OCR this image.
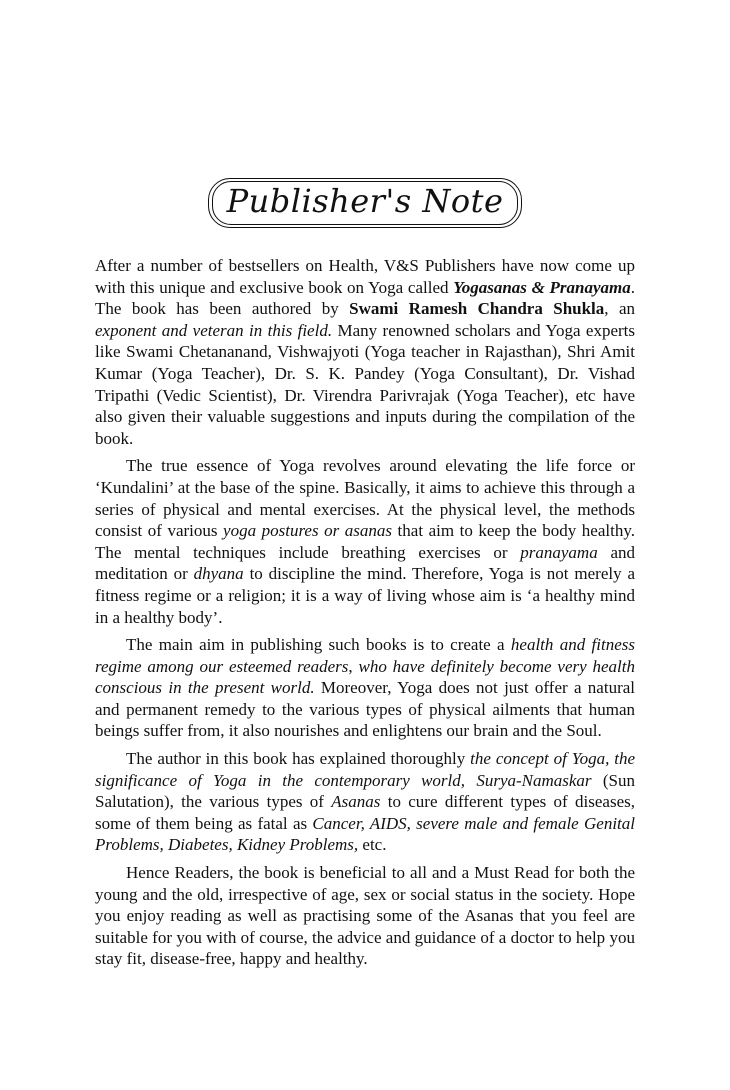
Publisher's Note

After a number of bestsellers on Health, V&S Publishers have now come up with this unique and exclusive book on Yoga called Yogasanas & Pranayama. The book has been authored by Swami Ramesh Chandra Shukla, an exponent and veteran in this field. Many renowned scholars and Yoga experts like Swami Chetananand, Vishwajyoti (Yoga teacher in Rajasthan), Shri Amit Kumar (Yoga Teacher), Dr. S. K. Pandey (Yoga Consultant), Dr. Vishad Tripathi (Vedic Scientist), Dr. Virendra Parivrajak (Yoga Teacher), etc have also given their valuable suggestions and inputs during the compilation of the book.

The true essence of Yoga revolves around elevating the life force or ‘Kundalini’ at the base of the spine. Basically, it aims to achieve this through a series of physical and mental exercises. At the physical level, the methods consist of various yoga postures or asanas that aim to keep the body healthy. The mental techniques include breathing exercises or pranayama and meditation or dhyana to discipline the mind. Therefore, Yoga is not merely a fitness regime or a religion; it is a way of living whose aim is ‘a healthy mind in a healthy body’.

The main aim in publishing such books is to create a health and fitness regime among our esteemed readers, who have definitely become very health conscious in the present world. Moreover, Yoga does not just offer a natural and permanent remedy to the various types of physical ailments that human beings suffer from, it also nourishes and enlightens our brain and the Soul.

The author in this book has explained thoroughly the concept of Yoga, the significance of Yoga in the contemporary world, Surya-Namaskar (Sun Salutation), the various types of Asanas to cure different types of diseases, some of them being as fatal as Cancer, AIDS, severe male and female Genital Problems, Diabetes, Kidney Problems, etc.

Hence Readers, the book is beneficial to all and a Must Read for both the young and the old, irrespective of age, sex or social status in the society. Hope you enjoy reading as well as practising some of the Asanas that you feel are suitable for you with of course, the advice and guidance of a doctor to help you stay fit, disease-free, happy and healthy.
